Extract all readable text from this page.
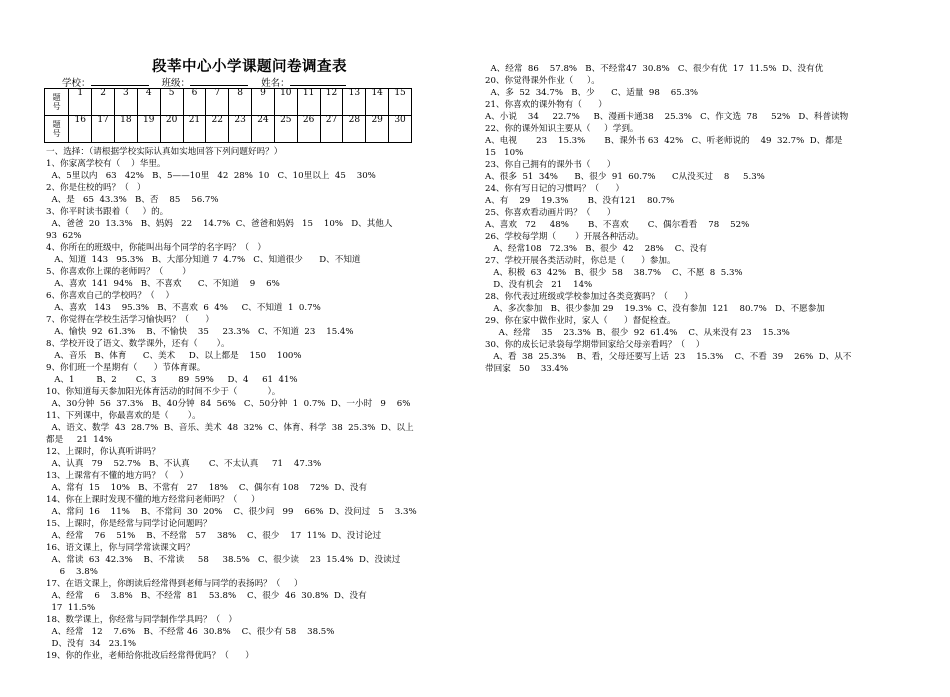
段莘中心小学课题问卷调查表
学校：	班级：	姓名：
题
号	1	2	3	4	5	6	7	8	9	10	11	12	13	14	15

题
号	16	17	18	19	20	21	22	23	24	25	26	27	28	29	30
一、选择：（请根据学校实际认真如实地回答下列问题好吗？）
1、你家离学校有（    ）华里。
A、5里以内   63   42%   B、5——10里   42  28%  10   C、10里以上  45    30%
2、你是住校的吗？（   ）
A、是   65  43.3%   B、否    85    56.7%
3、你平时读书跟着（     ）的。
A、爸爸  20  13.3%   B、妈妈   22    14.7%  C、爸爸和妈妈   15    10%   D、其他人
93  62%
4、你所在的班级中，你能叫出每个同学的名字吗？（   ）
A、知道  143   95.3%   B、大部分知道 7  4.7%   C、知道很少      D、不知道
5、你喜欢你上课的老师吗？（       ）
A、喜欢  141  94%   B、不喜欢      C、不知道    9    6%
6、你喜欢自己的学校吗？（    ）
A、喜欢   143    95.3%   B、不喜欢  6  4%     C、不知道  1  0.7%
7、你觉得在学校生活学习愉快吗？（      ）
A、愉快  92  61.3%    B、不愉快    35     23.3%   C、不知道  23    15.4%
8、学校开设了语文、数学课外，还有（       ）。
A、音乐   B、体育      C、美术     D、以上都是    150    100%
9、你们班一个星期有（      ）节体育课。
A、1        B、2       C、3        89  59%     D、4     61  41%
10、你知道每天参加阳光体育活动的时间不少于（           ）。
A、30分钟  56  37.3%   B、40分钟  84  56%   C、50分钟  1  0.7%  D、一小时   9    6%
11、下列课中，你最喜欢的是（       ）。
A、语文、数学  43  28.7%  B、音乐、美术  48  32%  C、体育、科学  38  25.3%  D、以上
都是     21  14%
12、上课时，你认真听讲吗？
A、认真   79    52.7%   B、不认真       C、不太认真     71    47.3%
13、上课常有不懂的地方吗？（    ）
A、常有  15    10%   B、不常有   27    18%    C、偶尔有 108    72%  D、没有
14、你在上课时发现不懂的地方经常问老师吗？（     ）
A、常问  16    11%    B、不常问  30  20%    C、很少问   99    66%  D、没问过   5    3.3%
15、上课时，你是经常与同学讨论问题吗？
A、经常    76    51%    B、不经常   57    38%    C、很少    17  11%  D、没讨论过
16、语文课上，你与同学常读课文吗？
A、常读  63  42.3%    B、不常读     58     38.5%   C、很少读    23  15.4%  D、没读过
6    3.8%
17、在语文课上，你朗读后经常得到老师与同学的表扬吗？（     ）
A、经常    6    3.8%   B、不经常  81    53.8%    C、很少  46  30.8%  D、没有
17  11.5%
18、数学课上，你经常与同学制作学具吗？（   ）
A、经常   12    7.6%   B、不经常 46  30.8%    C、很少有 58    38.5%
D、没有  34   23.1%
19、你的作业，老师给你批改后经常得优吗？（      ）
A、经常  86    57.8%   B、不经常47  30.8%   C、很少有优  17  11.5%  D、没有优
20、你觉得课外作业（     ）。
A、多  52  34.7%   B、少      C、适量  98    65.3%
21、你喜欢的课外物有（      ）
A、小说    34     22.7%     B、漫画卡通38    25.3%   C、作文选  78     52%   D、科普读物
22、你的课外知识主要从（     ）学到。
A、电视       23    15.3%       B、课外书 63  42%   C、听老师说的    49  32.7%  D、都是
15   10%
23、你自己拥有的课外书（      ）
A、很多  51  34%      B、很少  91  60.7%      C从没买过    8     5.3%
24、你有写日记的习惯吗？（      ）
A、有    29    19.3%       B、没有121    80.7%
25、你喜欢看动画片吗？（      ）
A、喜欢   72     48%       B、不喜欢       C、偶尔看看    78    52%
26、学校每学期（       ）开展各种活动。
A、经常108   72.3%   B、很少  42    28%    C、没有
27、学校开展各类活动时，你总是（      ）参加。
A、积极  63  42%   B、很少  58    38.7%    C、不愿  8  5.3%
D、没有机会   21    14%
28、你代表过班级或学校参加过各类竞赛吗？（      ）
A、多次参加   B、很少参加 29    19.3%  C、没有参加  121    80.7%   D、不愿参加
29、你在家中做作业时，家人（      ）督促检查。
A、经常    35    23.3%  B、很少  92  61.4%    C、从来没有 23    15.3%
30、你的成长记录袋每学期带回家给父母亲看吗？（    ）
A、看  38  25.3%    B、看，父母还要写上话  23    15.3%    C、不看  39    26%  D、从不
带回家   50    33.4%
